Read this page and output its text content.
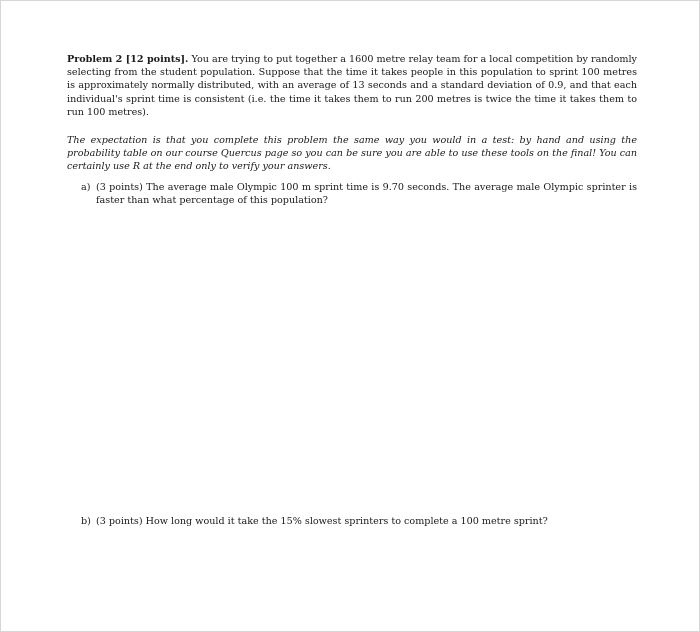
Problem 2 [12 points]. You are trying to put together a 1600 metre relay team for a local competition by randomly selecting from the student population. Suppose that the time it takes people in this population to sprint 100 metres is approximately normally distributed, with an average of 13 seconds and a standard deviation of 0.9, and that each individual's sprint time is consistent (i.e. the time it takes them to run 200 metres is twice the time it takes them to run 100 metres).

The expectation is that you complete this problem the same way you would in a test: by hand and using the probability table on our course Quercus page so you can be sure you are able to use these tools on the final! You can certainly use R at the end only to verify your answers.

a) (3 points) The average male Olympic 100 m sprint time is 9.70 seconds. The average male Olympic sprinter is faster than what percentage of this population?
b) (3 points) How long would it take the 15% slowest sprinters to complete a 100 metre sprint?
